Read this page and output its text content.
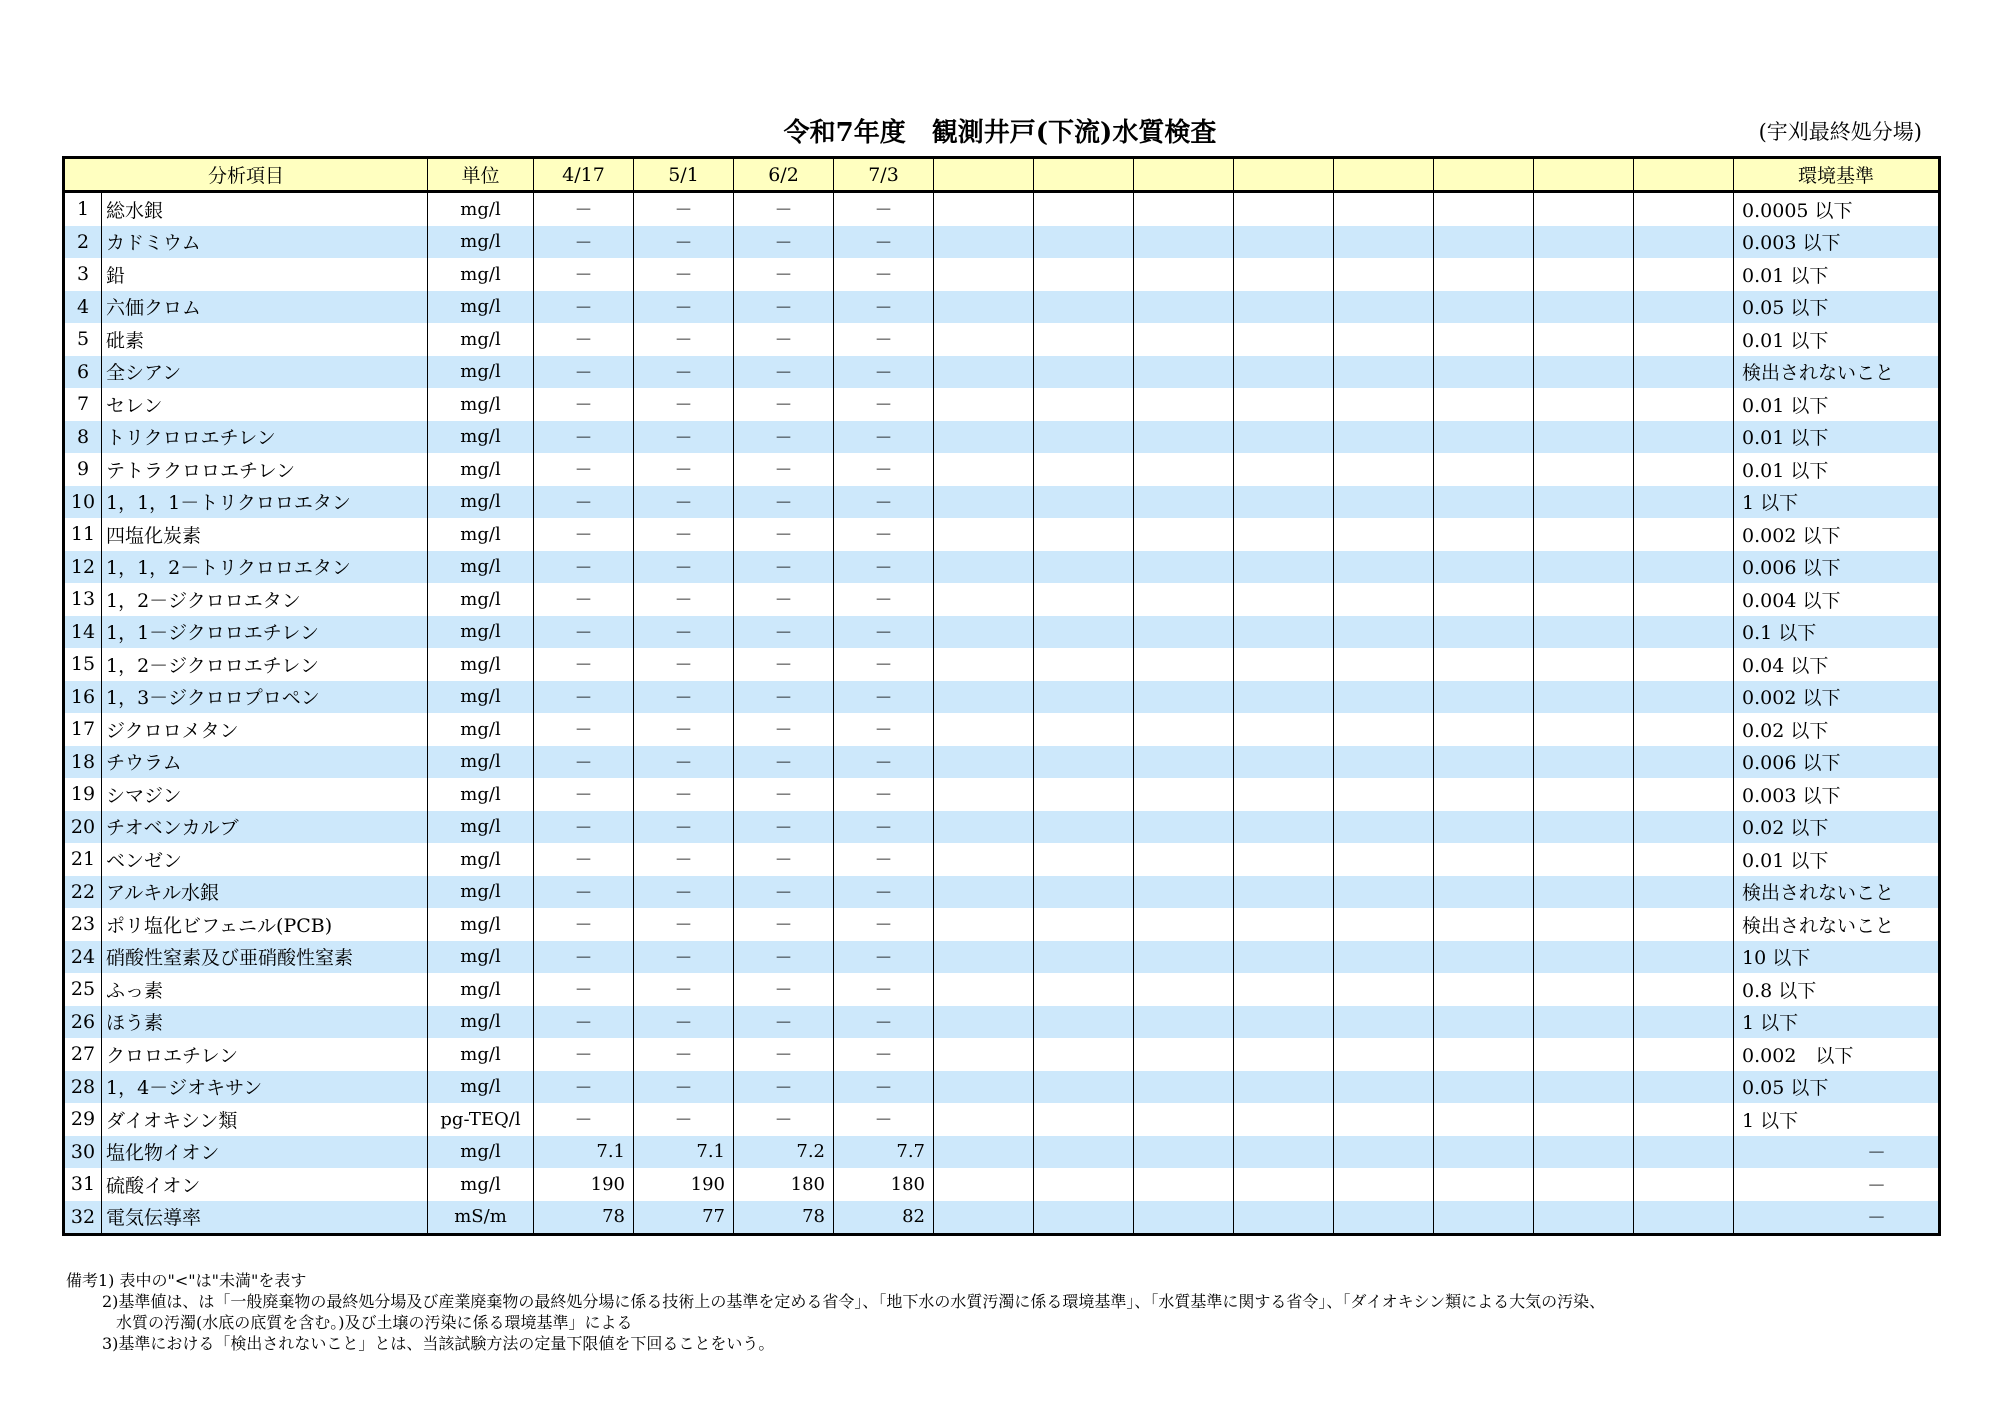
令和7年度　観測井戸(下流)水質検査	(宇刈最終処分場)
分析項目		単位	4/17	5/1	6/2	7/3									環境基準
1	総水銀	mg/l	－	－	－	－									0.0005 以下
2	カドミウム	mg/l	－	－	－	－									0.003 以下
3	鉛	mg/l	－	－	－	－									0.01 以下
4	六価クロム	mg/l	－	－	－	－									0.05 以下
5	砒素	mg/l	－	－	－	－									0.01 以下
6	全シアン	mg/l	－	－	－	－									検出されないこと
7	セレン	mg/l	－	－	－	－									0.01 以下
8	トリクロロエチレン	mg/l	－	－	－	－									0.01 以下
9	テトラクロロエチレン	mg/l	－	－	－	－									0.01 以下
10	1，1，1－トリクロロエタン	mg/l	－	－	－	－									1 以下
11	四塩化炭素	mg/l	－	－	－	－									0.002 以下
12	1，1，2－トリクロロエタン	mg/l	－	－	－	－									0.006 以下
13	1，2－ジクロロエタン	mg/l	－	－	－	－									0.004 以下
14	1，1－ジクロロエチレン	mg/l	－	－	－	－									0.1 以下
15	1，2－ジクロロエチレン	mg/l	－	－	－	－									0.04 以下
16	1，3－ジクロロプロペン	mg/l	－	－	－	－									0.002 以下
17	ジクロロメタン	mg/l	－	－	－	－									0.02 以下
18	チウラム	mg/l	－	－	－	－									0.006 以下
19	シマジン	mg/l	－	－	－	－									0.003 以下
20	チオベンカルブ	mg/l	－	－	－	－									0.02 以下
21	ベンゼン	mg/l	－	－	－	－									0.01 以下
22	アルキル水銀	mg/l	－	－	－	－									検出されないこと
23	ポリ塩化ビフェニル(PCB)	mg/l	－	－	－	－									検出されないこと
24	硝酸性窒素及び亜硝酸性窒素	mg/l	－	－	－	－									10 以下
25	ふっ素	mg/l	－	－	－	－									0.8 以下
26	ほう素	mg/l	－	－	－	－									1 以下
27	クロロエチレン	mg/l	－	－	－	－									0.002　以下
28	1，4－ジオキサン	mg/l	－	－	－	－									0.05 以下
29	ダイオキシン類	pg-TEQ/l	－	－	－	－									1 以下
30	塩化物イオン	mg/l	7.1	7.1	7.2	7.7									－
31	硫酸イオン	mg/l	190	190	180	180									－
32	電気伝導率	mS/m	78	77	78	82									－
備考1) 表中の"<"は"未満"を表す
2)基準値は、は「一般廃棄物の最終処分場及び産業廃棄物の最終処分場に係る技術上の基準を定める省令」、「地下水の水質汚濁に係る環境基準」、「水質基準に関する省令」、「ダイオキシン類による大気の汚染、
水質の汚濁(水底の底質を含む。)及び土壌の汚染に係る環境基準」による
3)基準における「検出されないこと」とは、当該試験方法の定量下限値を下回ることをいう。
